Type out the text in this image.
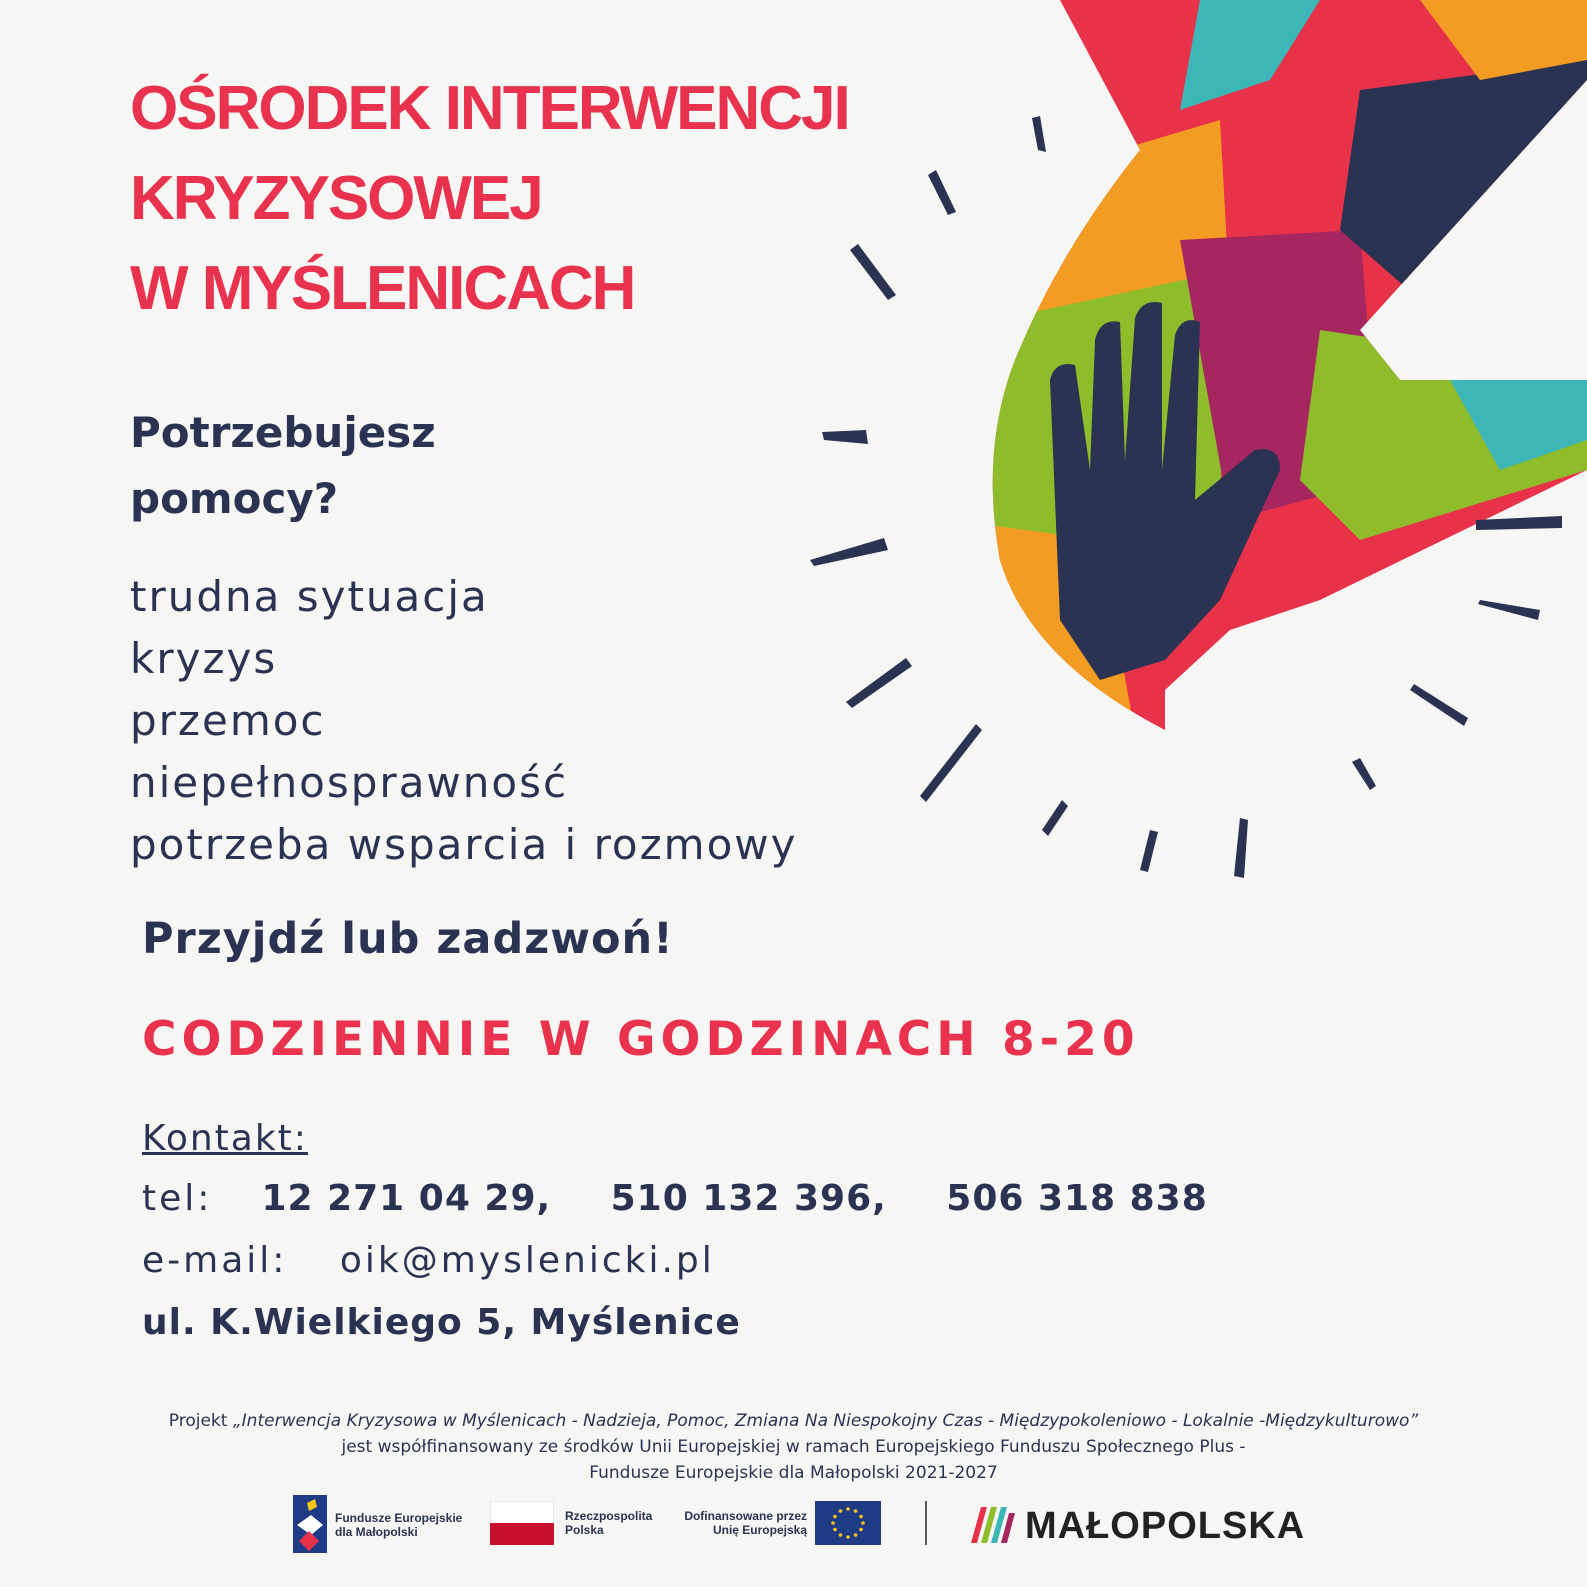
OŚRODEK INTERWENCJI
KRYZYSOWEJ
W MYŚLENICACH
Potrzebujesz
pomocy?
trudna sytuacja
kryzys
przemoc
niepełnosprawność
potrzeba wsparcia i rozmowy
Przyjdź lub zadzwoń!
CODZIENNIE W GODZINACH 8-20
Kontakt:
tel: 12 271 04 29, 510 132 396, 506 318 838
e-mail: oik@myslenicki.pl
ul. K.Wielkiego 5, Myślenice

Projekt „Interwencja Kryzysowa w Myślenicach - Nadzieja, Pomoc, Zmiana Na Niespokojny Czas - Międzypokoleniowo - Lokalnie -Międzykulturowo”

jest współfinansowany ze środków Unii Europejskiej w ramach Europejskiego Funduszu Społecznego Plus -

Fundusze Europejskie dla Małopolski 2021-2027

Fundusze Europejskie
dla Małopolski
Rzeczpospolita
Polska
Dofinansowane przez
Unię Europejską	MAŁOPOLSKA
